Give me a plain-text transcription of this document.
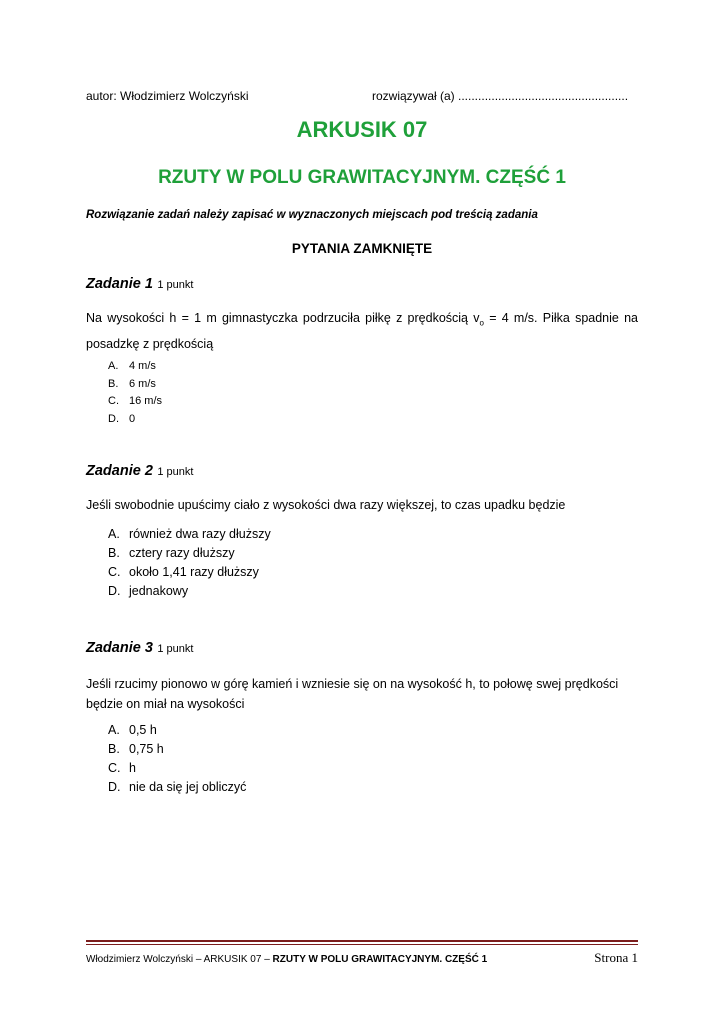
autor: Włodzimierz Wolczyński	rozwiązywał (a) ...................................................
ARKUSIK 07
RZUTY W POLU GRAWITACYJNYM. CZĘŚĆ 1
Rozwiązanie zadań należy zapisać w wyznaczonych miejscach pod treścią zadania
PYTANIA ZAMKNIĘTE
Zadanie 1 1 punkt
Na wysokości h = 1 m gimnastyczka podrzuciła piłkę z prędkością $v_o = 4$ m/s. Piłka spadnie na posadzkę z prędkością
A. 4 m/s
B. 6 m/s
C. 16 m/s
D. 0
Zadanie 2 1 punkt
Jeśli swobodnie upuścimy ciało z wysokości dwa razy większej, to czas upadku będzie
A. również dwa razy dłuższy
B. cztery razy dłuższy
C. około 1,41 razy dłuższy
D. jednakowy
Zadanie 3 1 punkt
Jeśli rzucimy pionowo w górę kamień i wzniesie się on na wysokość h, to połowę swej prędkości będzie on miał na wysokości
A. 0,5 h
B. 0,75 h
C. h
D. nie da się jej obliczyć
Włodzimierz Wolczyński – ARKUSIK 07 – RZUTY W POLU GRAWITACYJNYM. CZĘŚĆ 1	Strona 1
